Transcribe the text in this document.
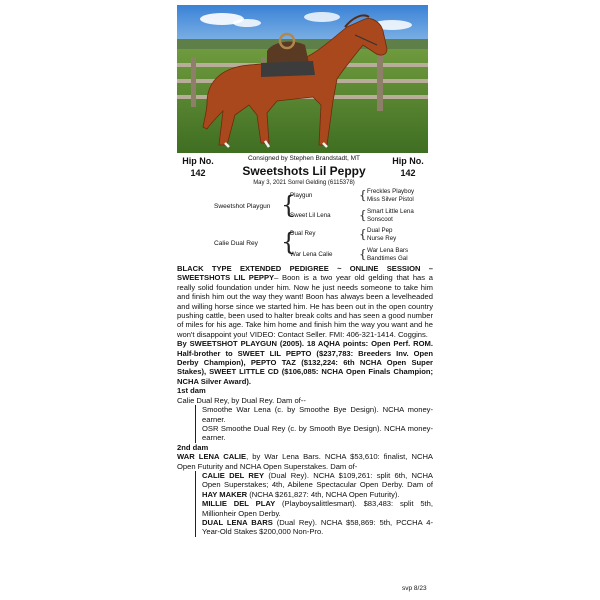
Hip No.
142
Hip No.
142
Consigned by Stephen Brandstadt, MT
Sweetshots Lil Peppy
May 3, 2021 Sorrel Gelding (6115378)
Sweetshot Playgun {
Playgun
Sweet Lil Lena
{ Freckles Playboy
Miss Silver Pistol
{ Smart Little Lena
Sonscoot
Calie Dual Rey {
Dual Rey
War Lena Calie
{ Dual Pep
Nurse Rey
{ War Lena Bars
Bandtimes Gal

BLACK TYPE EXTENDED PEDIGREE ~ ONLINE SESSION – SWEETSHOTS LIL PEPPY– Boon is a two year old gelding that has a really solid foundation under him. Now he just needs someone to take him and finish him out the way they want! Boon has always been a levelheaded and willing horse since we started him. He has been out in the open country pushing cattle, been used to halter break colts and has seen a good number of miles for his age. Take him home and finish him the way you want and he won't disappoint you! VIDEO: Contact Seller. FMI: 406-321-1414. Coggins.

By SWEETSHOT PLAYGUN (2005). 18 AQHA points: Open Perf. ROM. Half-brother to SWEET LIL PEPTO ($237,783: Breeders Inv. Open Derby Champion), PEPTO TAZ ($132,224: 6th NCHA Open Super Stakes), SWEET LITTLE CD ($106,085: NCHA Open Finals Champion; NCHA Silver Award).

1st dam

Calie Dual Rey, by Dual Rey. Dam of--

Smoothe War Lena (c. by Smoothe Bye Design). NCHA money-earner.

OSR Smoothe Dual Rey (c. by Smooth Bye Design). NCHA money-earner.

2nd dam

WAR LENA CALIE, by War Lena Bars. NCHA $53,610: finalist, NCHA Open Futurity and NCHA Open Superstakes. Dam of-

CALIE DEL REY (Dual Rey). NCHA $109,261: split 6th, NCHA Open Superstakes; 4th, Abilene Spectacular Open Derby. Dam of HAY MAKER (NCHA $261,827: 4th, NCHA Open Futurity).

MILLIE DEL PLAY (Playboysalittlesmart). $83,483: split 5th, Millionheir Open Derby.

DUAL LENA BARS (Dual Rey). NCHA $58,869: 5th, PCCHA 4-Year-Old Stakes $200,000 Non-Pro.

svp 8/23
